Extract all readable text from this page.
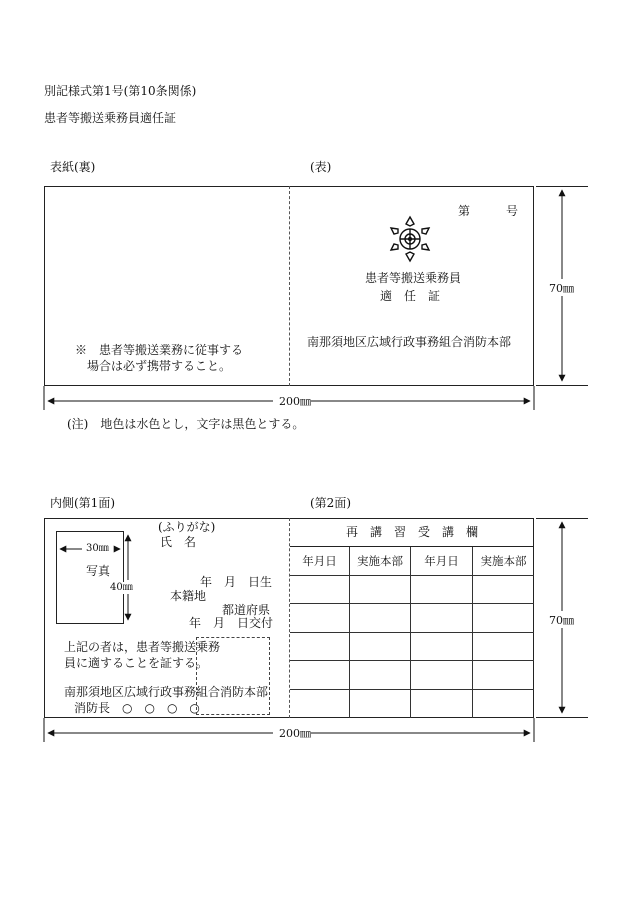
別記様式第1号(第10条関係)
患者等搬送乗務員適任証
表紙(裏)	(表)
第　　　号
患者等搬送乗務員
適　任　証
南那須地区広域行政事務組合消防本部
※　患者等搬送業務に従事する
場合は必ず携帯すること。
70㎜
200㎜
(注)　地色は水色とし，文字は黒色とする。
内側(第1面)	(第2面)
30㎜
写真
40㎜
(ふりがな)
氏　名
年　月　日生
本籍地
都道府県
年　月　日交付
上記の者は，患者等搬送乗務
員に適することを証する。
南那須地区広域行政事務組合消防本部
消防長　○　○　○　○
再　講　習　受　講　欄
年月日	実施本部	年月日	実施本部
70㎜
200㎜
